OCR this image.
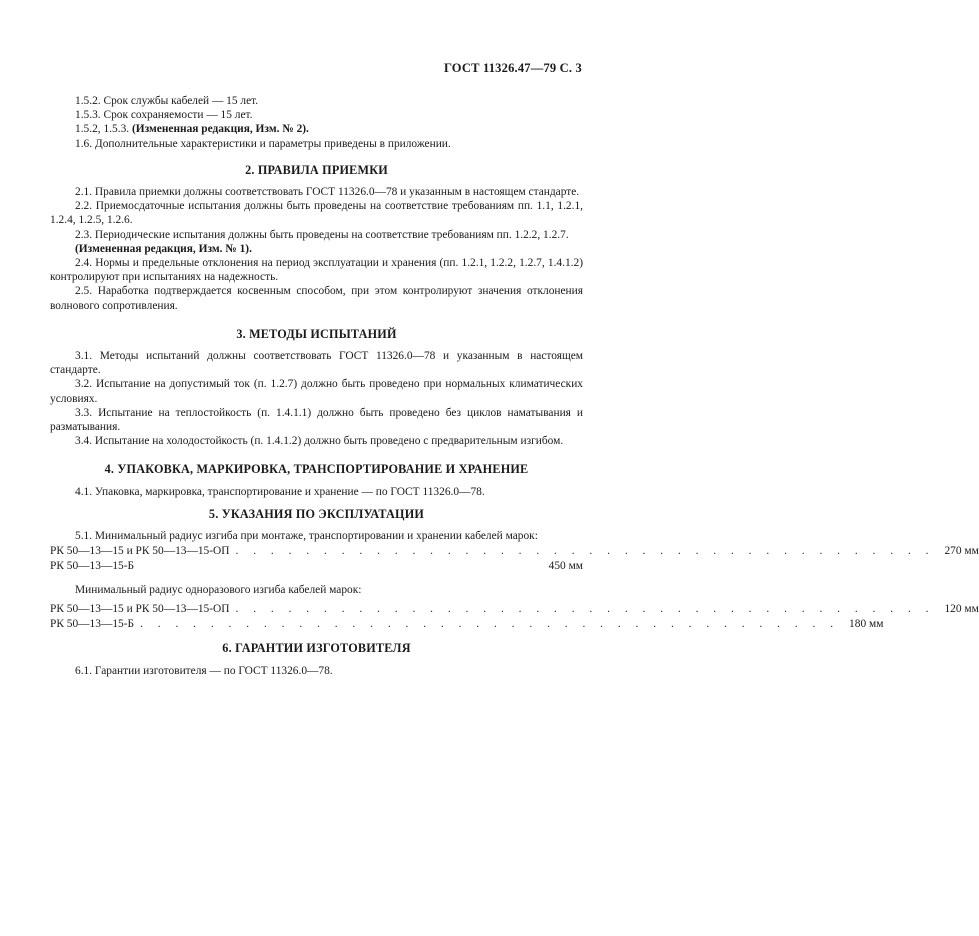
ГОСТ 11326.47—79 С. 3

1.5.2. Срок службы кабелей — 15 лет.

1.5.3. Срок сохраняемости — 15 лет.

1.5.2, 1.5.3. (Измененная редакция, Изм. № 2).

1.6. Дополнительные характеристики и параметры приведены в приложении.

2. ПРАВИЛА ПРИЕМКИ

2.1. Правила приемки должны соответствовать ГОСТ 11326.0—78 и указанным в настоящем стандарте.

2.2. Приемосдаточные испытания должны быть проведены на соответствие требованиям пп. 1.1, 1.2.1, 1.2.4, 1.2.5, 1.2.6.

2.3. Периодические испытания должны быть проведены на соответствие требованиям пп. 1.2.2, 1.2.7.

(Измененная редакция, Изм. № 1).

2.4. Нормы и предельные отклонения на период эксплуатации и хранения (пп. 1.2.1, 1.2.2, 1.2.7, 1.4.1.2) контролируют при испытаниях на надежность.

2.5. Наработка подтверждается косвенным способом, при этом контролируют значения отклонения волнового сопротивления.

3. МЕТОДЫ ИСПЫТАНИЙ

3.1. Методы испытаний должны соответствовать ГОСТ 11326.0—78 и указанным в настоящем стандарте.

3.2. Испытание на допустимый ток (п. 1.2.7) должно быть проведено при нормальных климатических условиях.

3.3. Испытание на теплостойкость (п. 1.4.1.1) должно быть проведено без циклов наматывания и разматывания.

3.4. Испытание на холодостойкость (п. 1.4.1.2) должно быть проведено с предварительным изгибом.

4. УПАКОВКА, МАРКИРОВКА, ТРАНСПОРТИРОВАНИЕ И ХРАНЕНИЕ

4.1. Упаковка, маркировка, транспортирование и хранение — по ГОСТ 11326.0—78.

5. УКАЗАНИЯ ПО ЭКСПЛУАТАЦИИ

5.1. Минимальный радиус изгиба при монтаже, транспортировании и хранении кабелей марок:

РК 50—13—15 и РК 50—13—15-ОП . . . . . . . . . . . . . . . . . . . . . . . . . . . . . . . . . . . . . . . . 270 мм
РК 50—13—15-Б	450 мм

Минимальный радиус одноразового изгиба кабелей марок:

РК 50—13—15 и РК 50—13—15-ОП . . . . . . . . . . . . . . . . . . . . . . . . . . . . . . . . . . . . . . . . 120 мм
РК 50—13—15-Б . . . . . . . . . . . . . . . . . . . . . . . . . . . . . . . . . . . . . . . . 180 мм
6. ГАРАНТИИ ИЗГОТОВИТЕЛЯ

6.1. Гарантии изготовителя — по ГОСТ 11326.0—78.
